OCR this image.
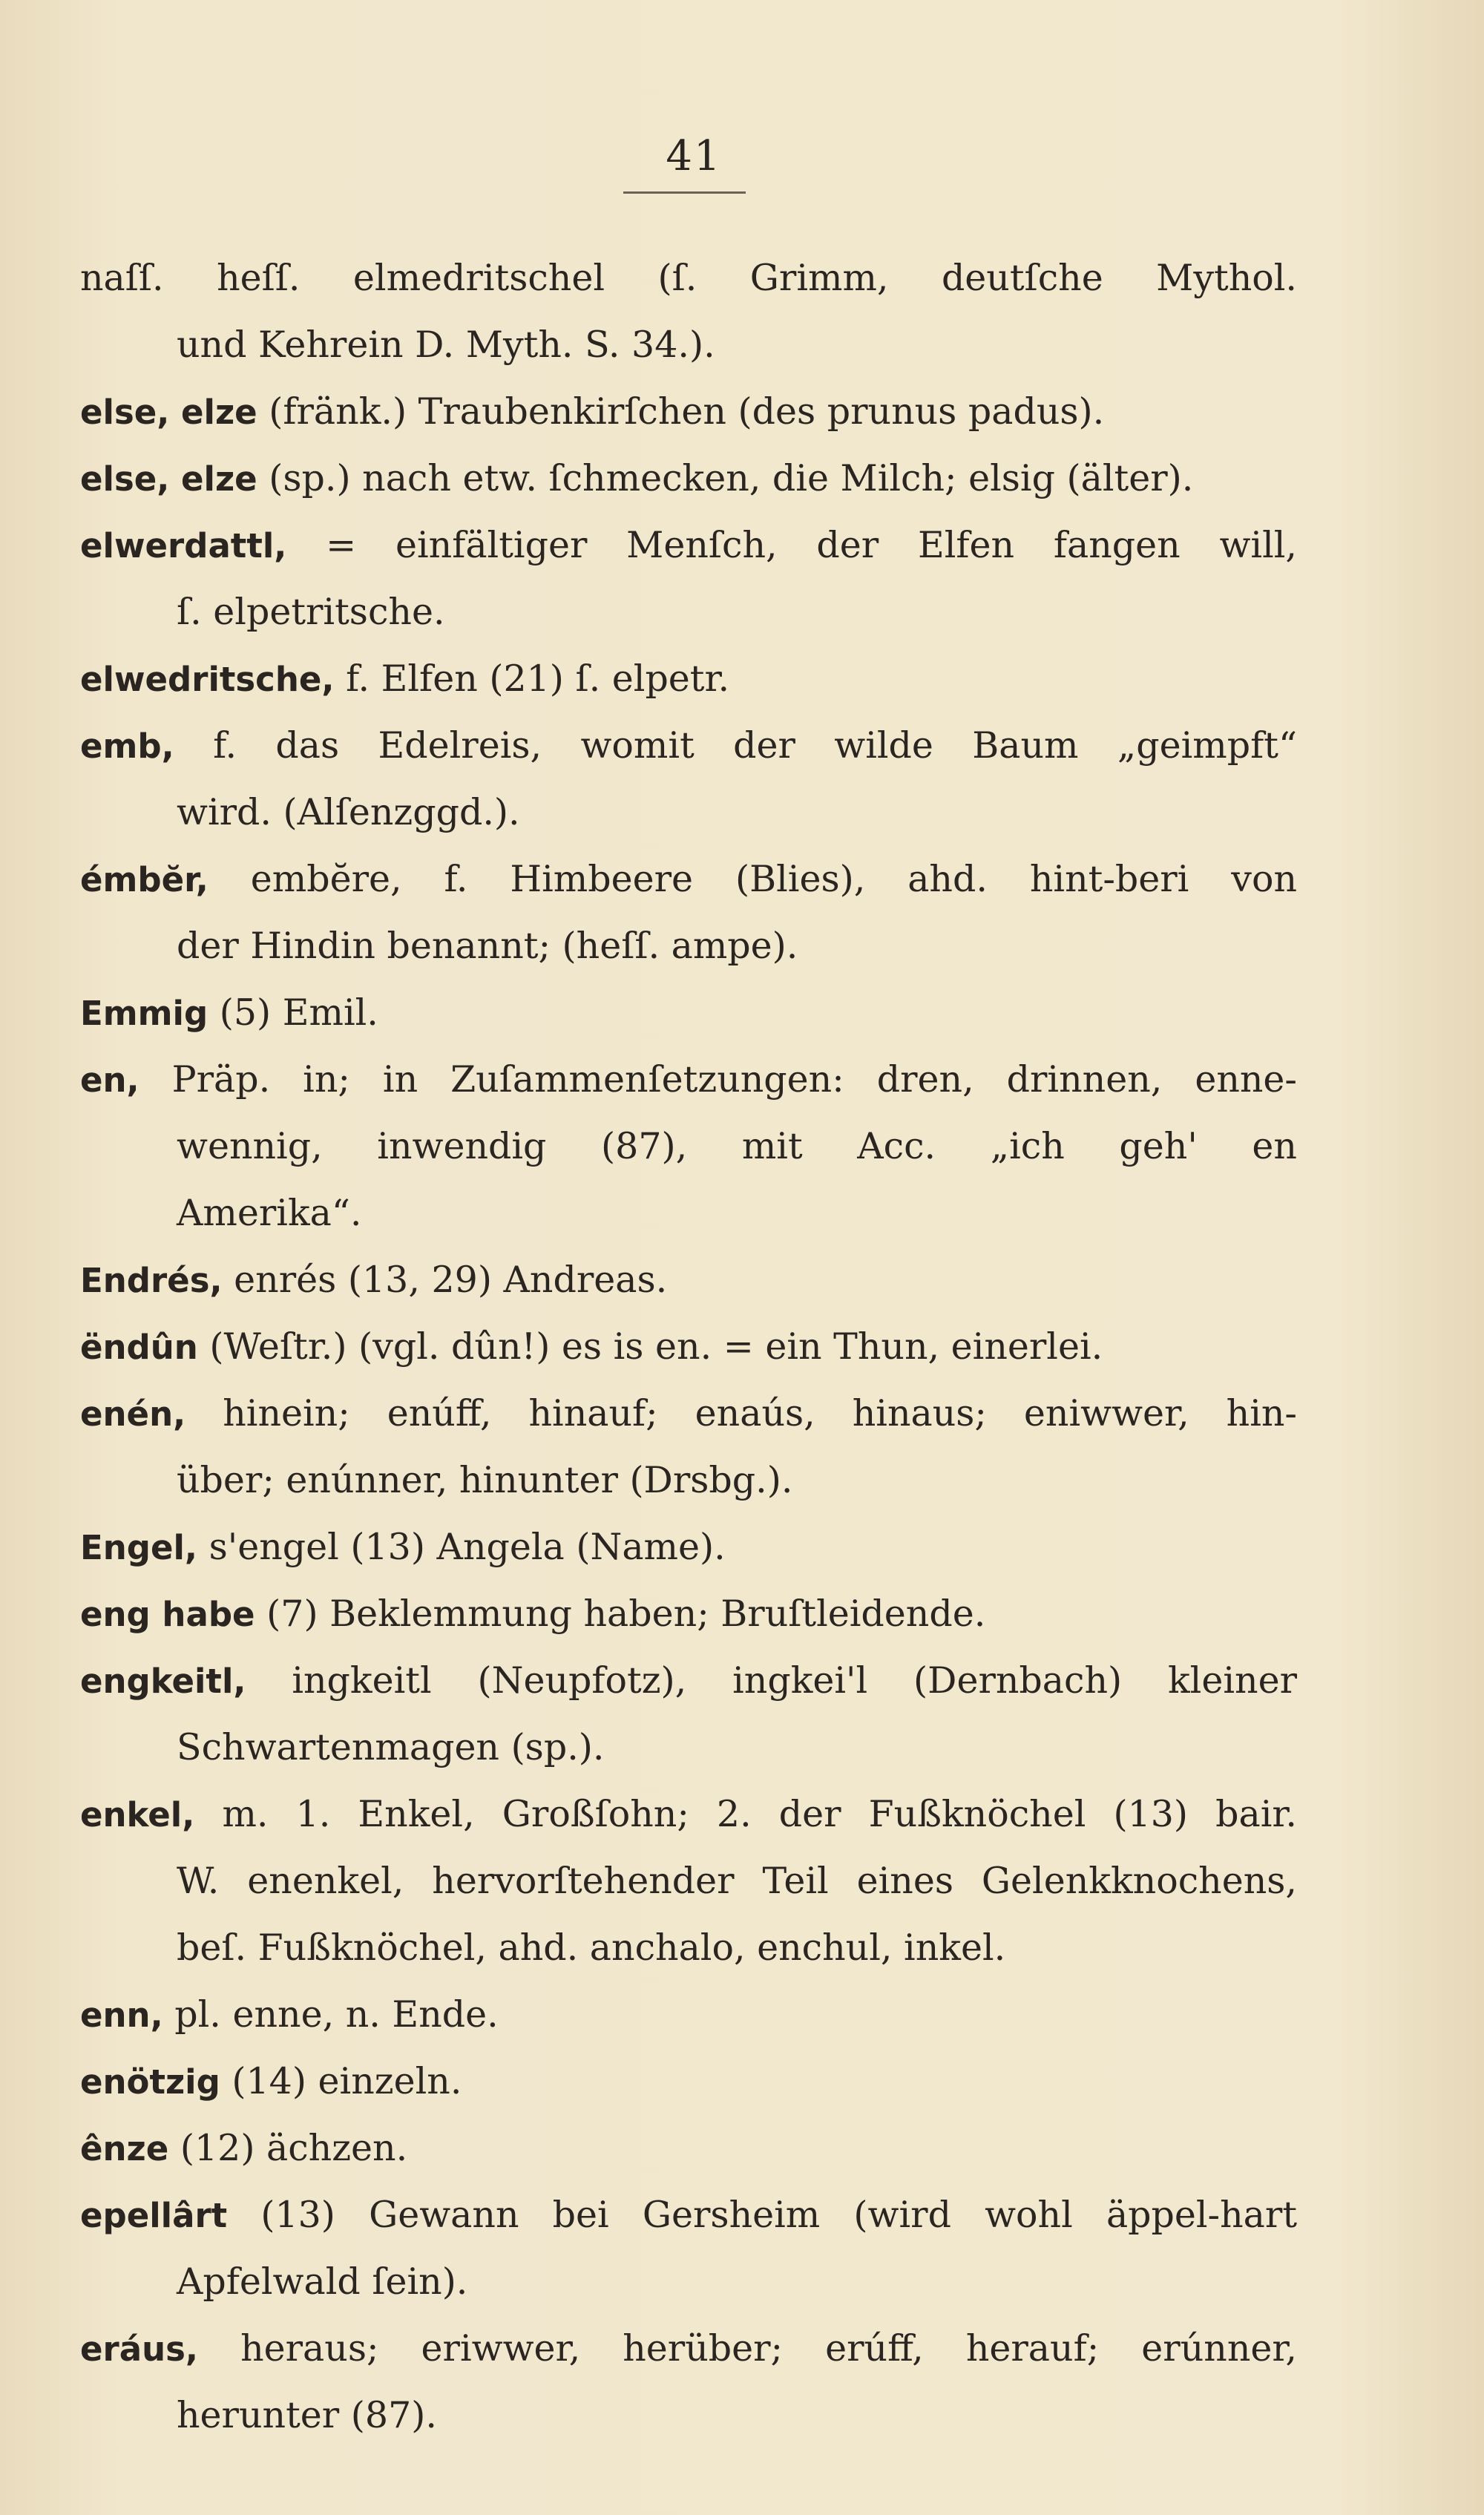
41
naſſ. heſſ. elmedritschel (ſ. Grimm, deutſche Mythol.
und Kehrein D. Myth. S. 34.).
else, elze (fränk.) Traubenkirſchen (des prunus padus).
else, elze (sp.) nach etw. ſchmecken, die Milch; elsig (älter).
elwerdattl, = einfältiger Menſch, der Elfen fangen will,
ſ. elpetritsche.
elwedritsche, f. Elfen (21) ſ. elpetr.
emb, f. das Edelreis, womit der wilde Baum „geimpft“
wird. (Alſenzggd.).
émbĕr, embĕre, f. Himbeere (Blies), ahd. hint-beri von
der Hindin benannt; (heſſ. ampe).
Emmig (5) Emil.
en, Präp. in; in Zuſammenſetzungen: dren, drinnen, enne-
wennig, inwendig (87), mit Acc. „ich geh' en
Amerika“.
Endrés, enrés (13, 29) Andreas.
ëndûn (Weſtr.) (vgl. dûn!) es is en. = ein Thun, einerlei.
enén, hinein; enúff, hinauf; enaús, hinaus; eniwwer, hin-
über; enúnner, hinunter (Drsbg.).
Engel, s'engel (13) Angela (Name).
eng habe (7) Beklemmung haben; Bruſtleidende.
engkeitl, ingkeitl (Neupfotz), ingkei'l (Dernbach) kleiner
Schwartenmagen (sp.).
enkel, m. 1. Enkel, Großſohn; 2. der Fußknöchel (13) bair.
W. enenkel, hervorſtehender Teil eines Gelenkknochens,
beſ. Fußknöchel, ahd. anchalo, enchul, inkel.
enn, pl. enne, n. Ende.
enötzig (14) einzeln.
ênze (12) ächzen.
epellârt (13) Gewann bei Gersheim (wird wohl äppel-hart
Apfelwald ſein).
eráus, heraus; eriwwer, herüber; erúff, herauf; erúnner,
herunter (87).
